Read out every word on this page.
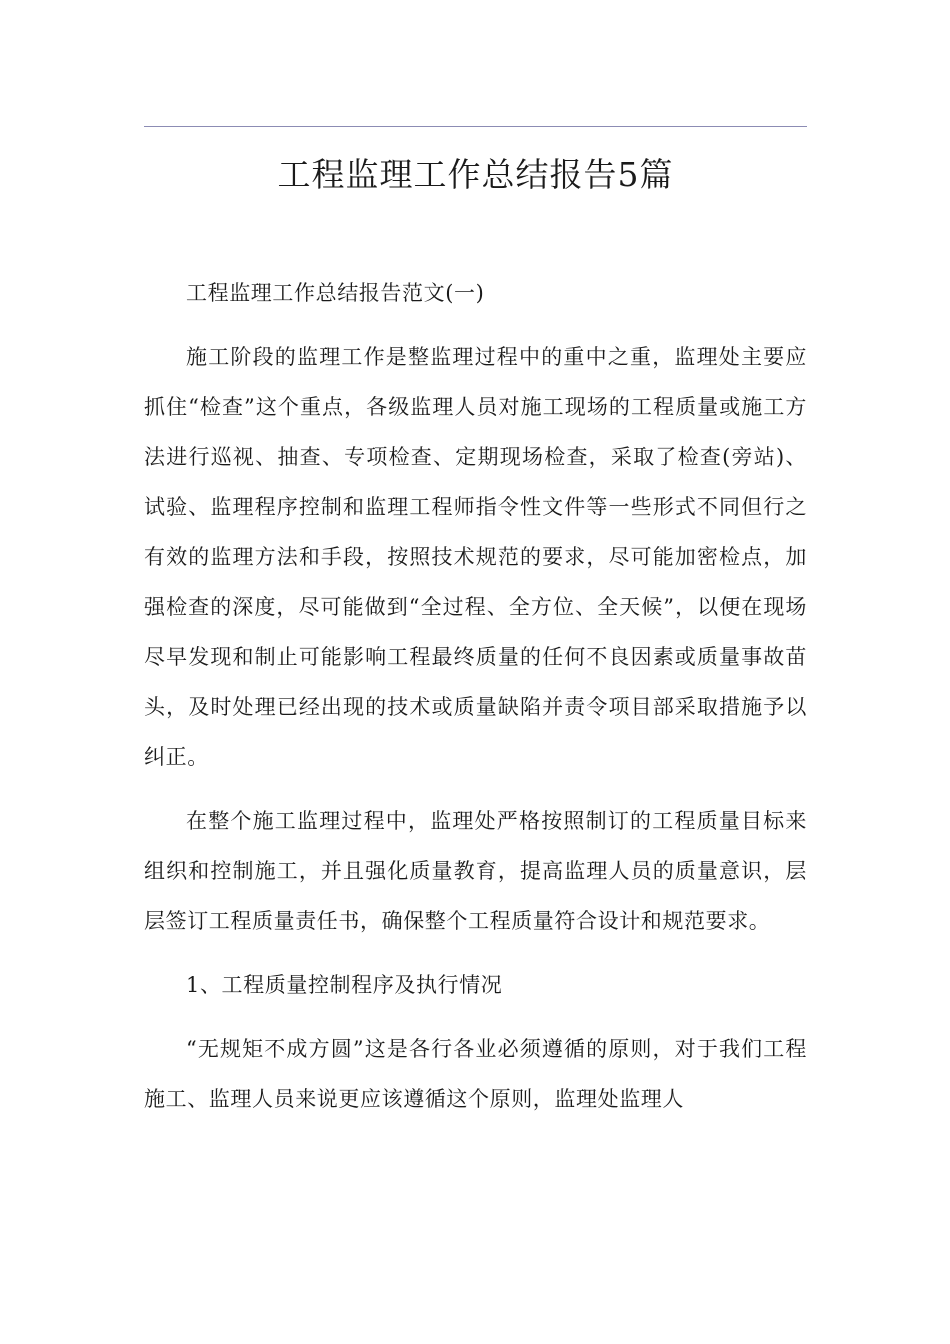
工程监理工作总结报告5篇

工程监理工作总结报告范文(一)

施工阶段的监理工作是整监理过程中的重中之重，监理处主要应抓住“检查”这个重点，各级监理人员对施工现场的工程质量或施工方法进行巡视、抽查、专项检查、定期现场检查，采取了检查(旁站)、试验、监理程序控制和监理工程师指令性文件等一些形式不同但行之有效的监理方法和手段，按照技术规范的要求，尽可能加密检点，加强检查的深度，尽可能做到“全过程、全方位、全天候”，以便在现场尽早发现和制止可能影响工程最终质量的任何不良因素或质量事故苗头，及时处理已经出现的技术或质量缺陷并责令项目部采取措施予以纠正。

在整个施工监理过程中，监理处严格按照制订的工程质量目标来组织和控制施工，并且强化质量教育，提高监理人员的质量意识，层层签订工程质量责任书，确保整个工程质量符合设计和规范要求。

1、工程质量控制程序及执行情况

“无规矩不成方圆”这是各行各业必须遵循的原则，对于我们工程施工、监理人员来说更应该遵循这个原则，监理处监理人
